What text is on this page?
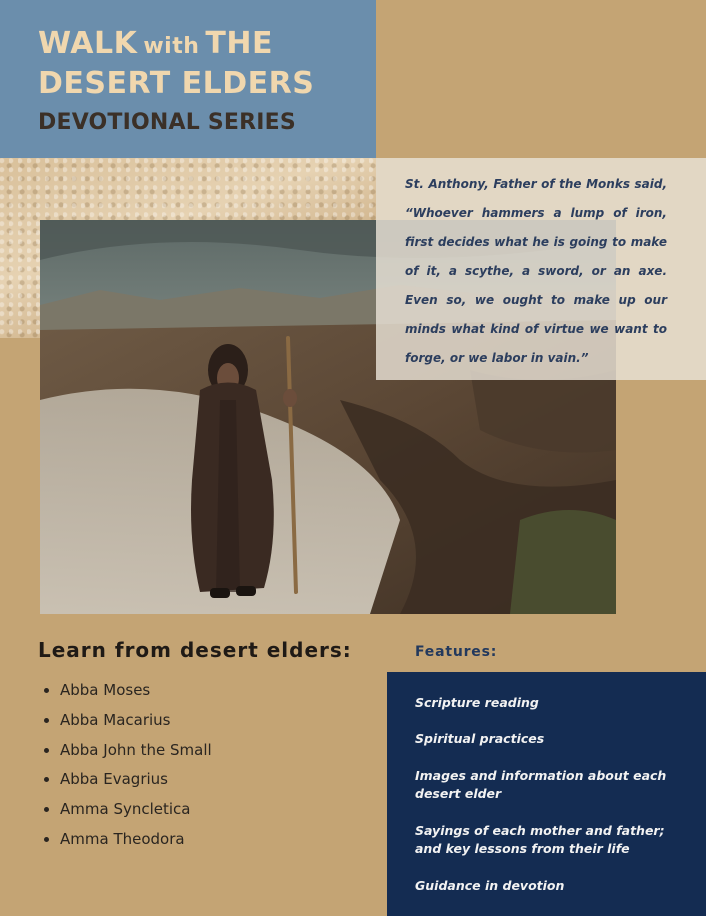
WALK with THE
DESERT ELDERS
DEVOTIONAL SERIES

St. Anthony, Father of the Monks said, “Whoever hammers a lump of iron, first decides what he is going to make of it, a scythe, a sword, or an axe. Even so, we ought to make up our minds what kind of virtue we want to forge, or we labor in vain.”

Learn from desert elders:
Abba Moses
Abba Macarius
Abba John the Small
Abba Evagrius
Amma Syncletica
Amma Theodora
Features:

Scripture reading

Spiritual practices

Images and information about each desert elder

Sayings of each mother and father; and key lessons from their life

Guidance in devotion
